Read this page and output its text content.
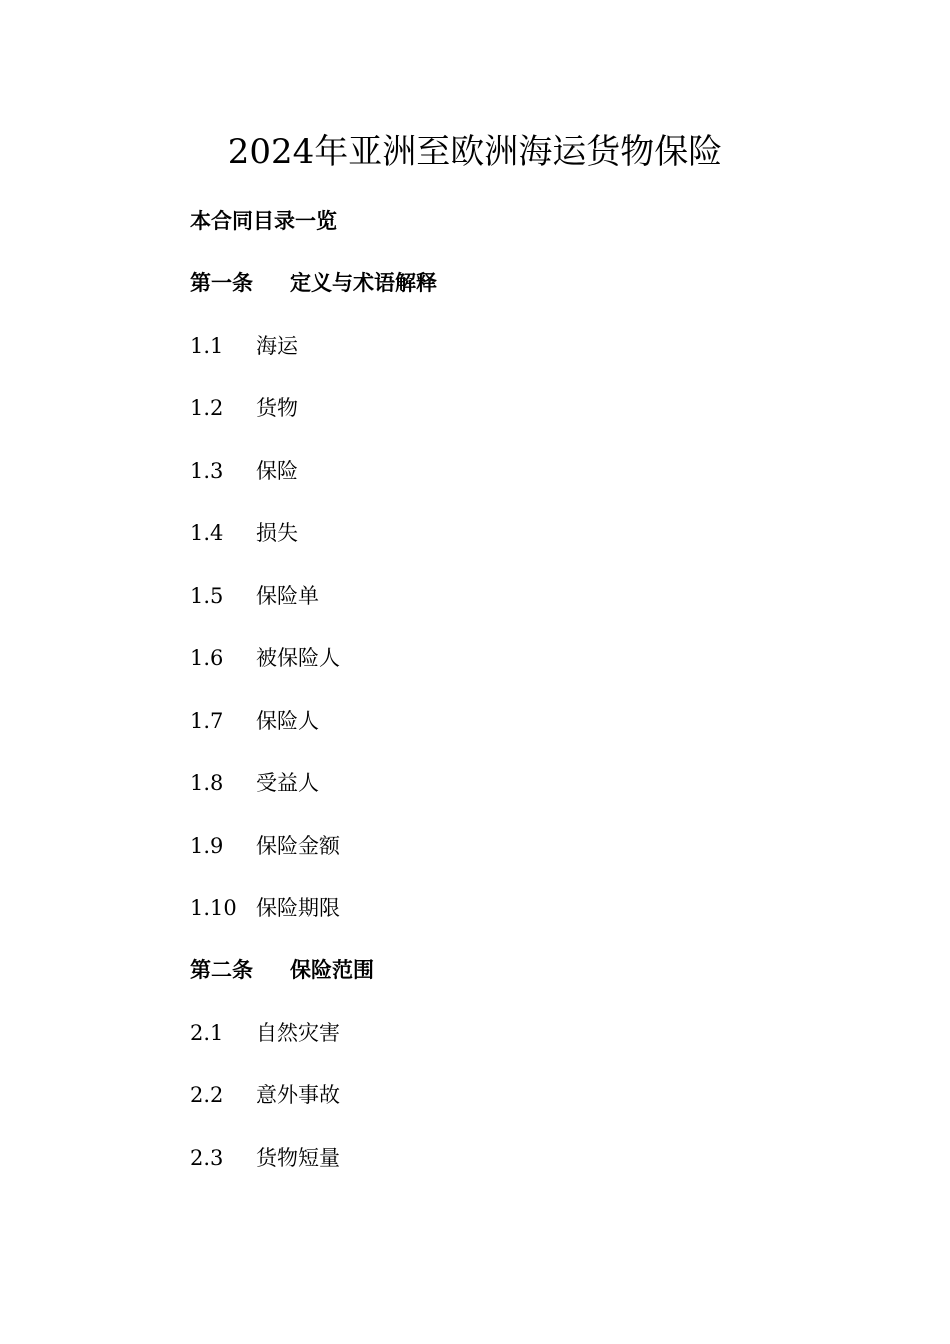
2024年亚洲至欧洲海运货物保险
本合同目录一览
第一条 定义与术语解释
1.1 海运
1.2 货物
1.3 保险
1.4 损失
1.5 保险单
1.6 被保险人
1.7 保险人
1.8 受益人
1.9 保险金额
1.10 保险期限
第二条 保险范围
2.1 自然灾害
2.2 意外事故
2.3 货物短量
